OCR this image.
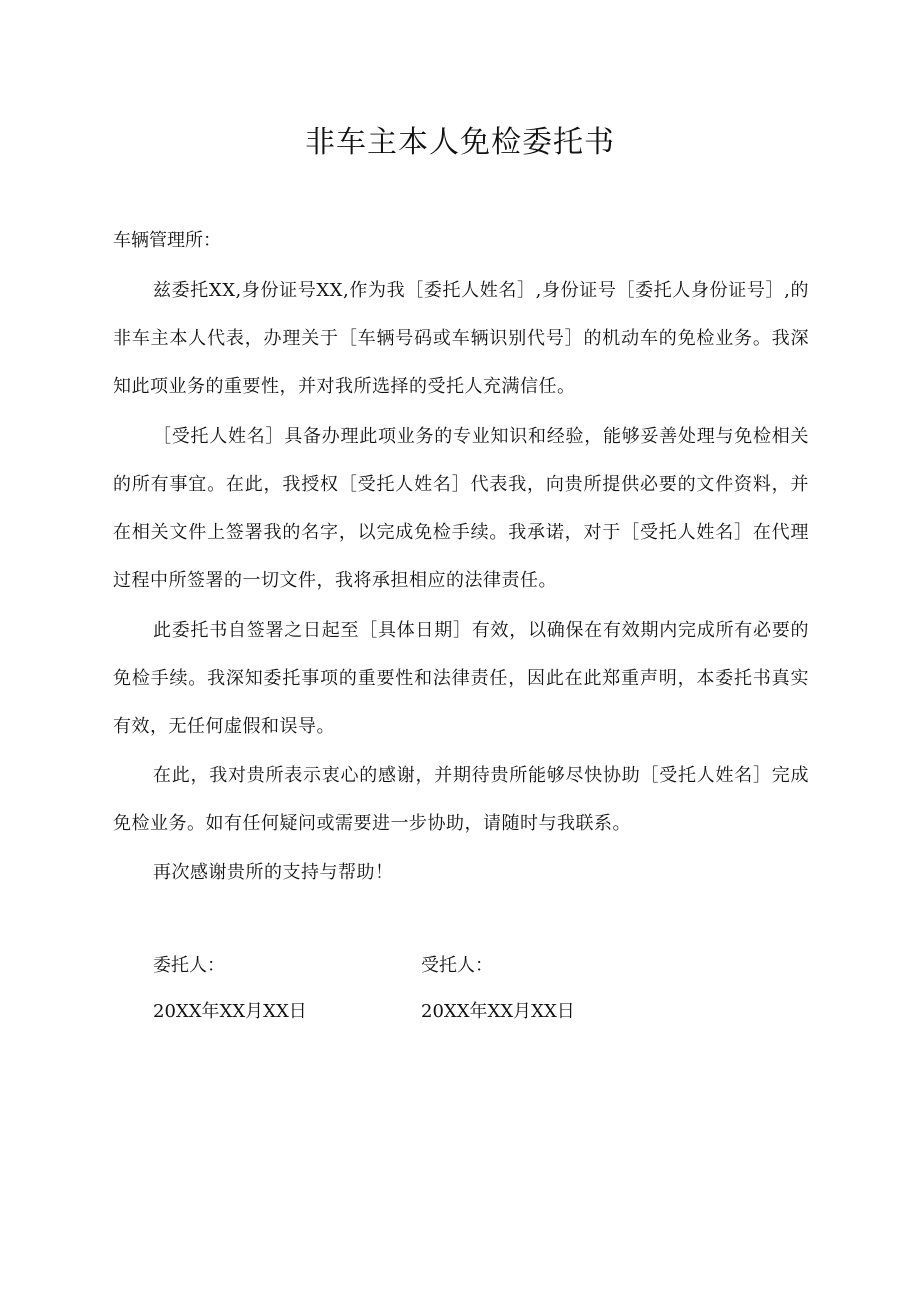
非车主本人免检委托书

车辆管理所：

兹委托XX,身份证号XX,作为我［委托人姓名］,身份证号［委托人身份证号］,的非车主本人代表，办理关于［车辆号码或车辆识别代号］的机动车的免检业务。我深知此项业务的重要性，并对我所选择的受托人充满信任。

［受托人姓名］具备办理此项业务的专业知识和经验，能够妥善处理与免检相关的所有事宜。在此，我授权［受托人姓名］代表我，向贵所提供必要的文件资料，并在相关文件上签署我的名字，以完成免检手续。我承诺，对于［受托人姓名］在代理过程中所签署的一切文件，我将承担相应的法律责任。

此委托书自签署之日起至［具体日期］有效，以确保在有效期内完成所有必要的免检手续。我深知委托事项的重要性和法律责任，因此在此郑重声明，本委托书真实有效，无任何虚假和误导。

在此，我对贵所表示衷心的感谢，并期待贵所能够尽快协助［受托人姓名］完成免检业务。如有任何疑问或需要进一步协助，请随时与我联系。

再次感谢贵所的支持与帮助！

委托人：	受托人：

20XX年XX月XX日	20XX年XX月XX日
